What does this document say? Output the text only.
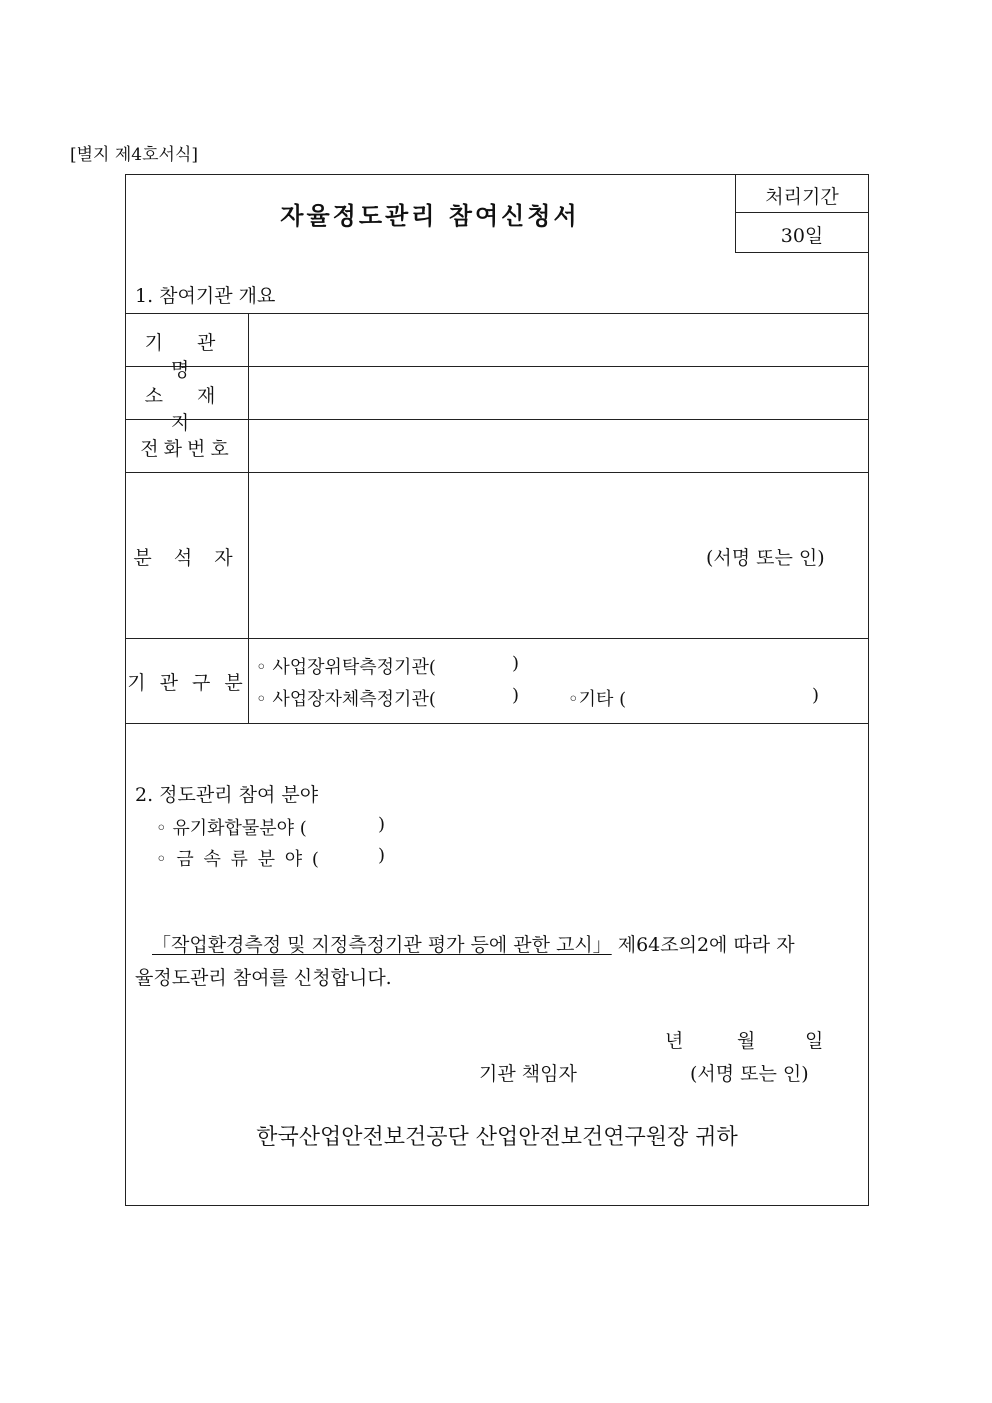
[별지 제4호서식]
자율정도관리 참여신청서
처리기간
30일
1. 참여기관 개요
기 관 명
소 재 지
전화번호
분 석 자	(서명 또는 인)
기 관 구 분
◦ 사업장위탁측정기관(	)
◦ 사업장자체측정기관(	)	◦기타 (	)
2. 정도관리 참여 분야
◦ 유기화합물분야 (	)
◦ 금 속 류 분 야 (	)
「작업환경측정 및 지정측정기관 평가 등에 관한 고시」 제64조의2에 따라 자
율정도관리 참여를 신청합니다.
년	월	일
기관 책임자	(서명 또는 인)
한국산업안전보건공단 산업안전보건연구원장 귀하
